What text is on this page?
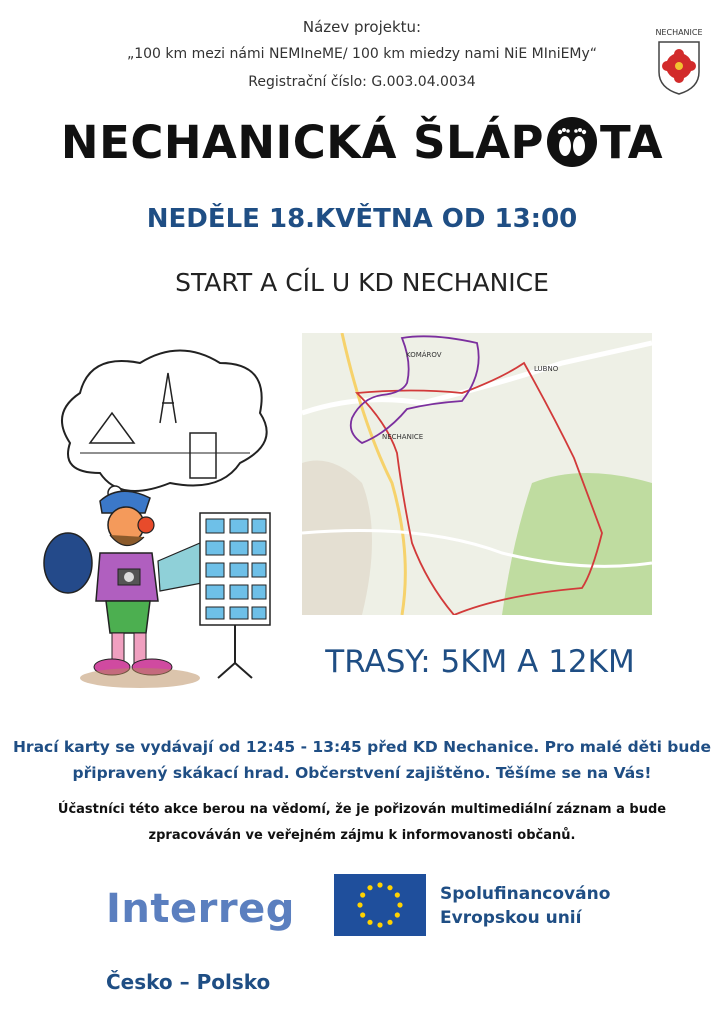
Název projektu:
„100 km mezi námi NEMIneME/ 100 km miedzy nami NiE MIniEMy“
Registrační číslo: G.003.04.0034
NECHANICE
NECHANICKÁ ŠLÁP TA
NEDĚLE 18.KVĚTNA OD 13:00
START A CÍL U KD NECHANICE
KOMÁROV
LUBNO
NECHANICE
TRASY: 5KM A 12KM
Hrací karty se vydávají od 12:45 - 13:45 před KD Nechanice. Pro malé děti bude
připravený skákací hrad. Občerstvení zajištěno. Těšíme se na Vás!
Účastníci této akce berou na vědomí, že je pořizován multimediální záznam a bude
zpracováván ve veřejném zájmu k informovanosti občanů.
Interreg	Spolufinancováno
Evropskou unií
Česko – Polsko
